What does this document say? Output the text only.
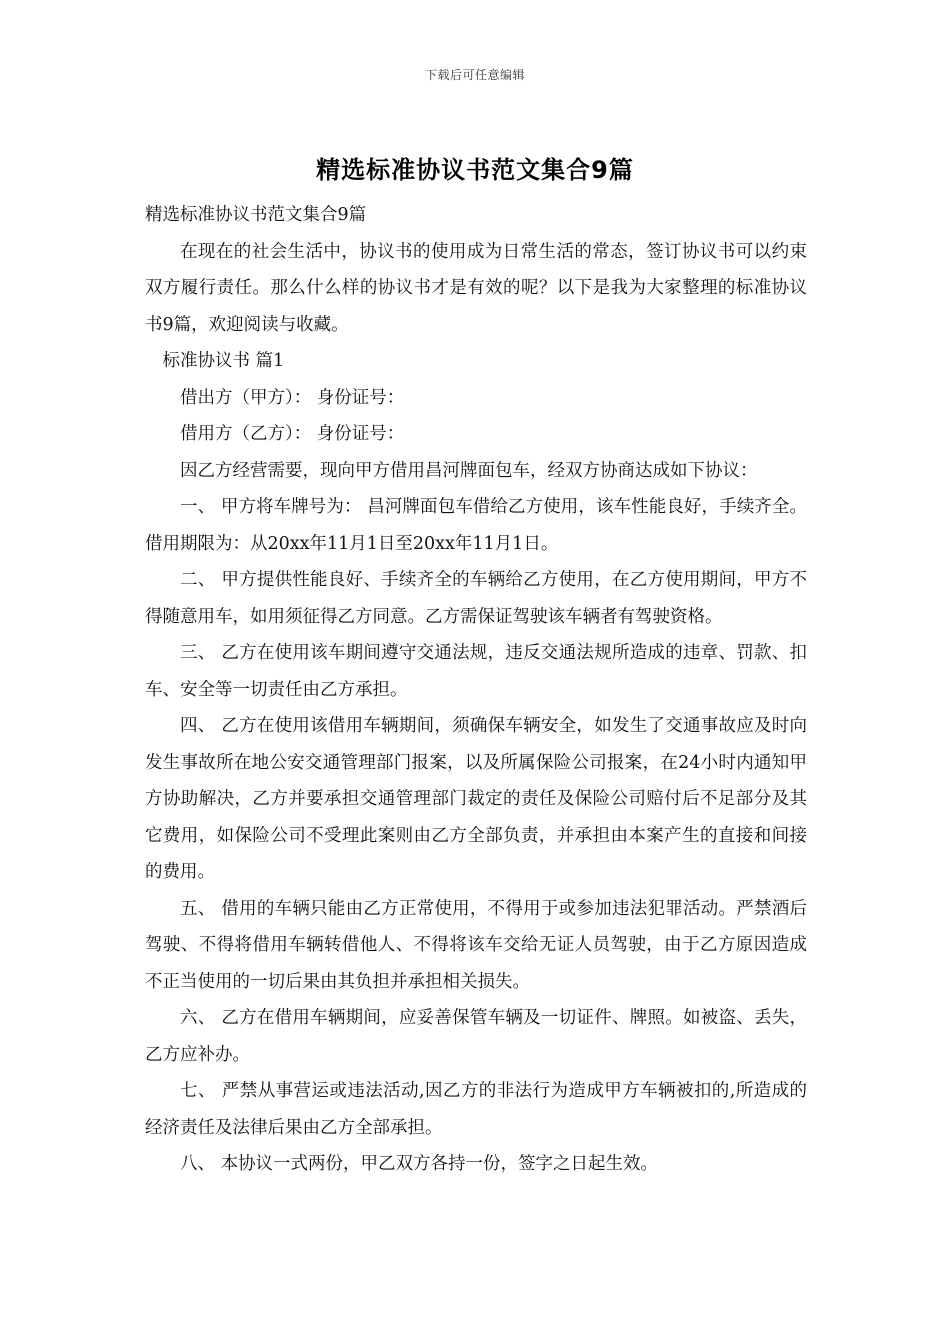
下载后可任意编辑
精选标准协议书范文集合9篇

精选标准协议书范文集合9篇

在现在的社会生活中，协议书的使用成为日常生活的常态，签订协议书可以约束双方履行责任。那么什么样的协议书才是有效的呢？以下是我为大家整理的标准协议书9篇，欢迎阅读与收藏。

标准协议书 篇1

借出方（甲方）： 身份证号：

借用方（乙方）： 身份证号：

因乙方经营需要，现向甲方借用昌河牌面包车，经双方协商达成如下协议：

一、 甲方将车牌号为： 昌河牌面包车借给乙方使用，该车性能良好，手续齐全。借用期限为：从20xx年11月1日至20xx年11月1日。

二、 甲方提供性能良好、手续齐全的车辆给乙方使用，在乙方使用期间，甲方不得随意用车，如用须征得乙方同意。乙方需保证驾驶该车辆者有驾驶资格。

三、 乙方在使用该车期间遵守交通法规，违反交通法规所造成的违章、罚款、扣车、安全等一切责任由乙方承担。

四、 乙方在使用该借用车辆期间，须确保车辆安全，如发生了交通事故应及时向发生事故所在地公安交通管理部门报案，以及所属保险公司报案，在24小时内通知甲方协助解决，乙方并要承担交通管理部门裁定的责任及保险公司赔付后不足部分及其它费用，如保险公司不受理此案则由乙方全部负责，并承担由本案产生的直接和间接的费用。

五、 借用的车辆只能由乙方正常使用，不得用于或参加违法犯罪活动。严禁酒后驾驶、不得将借用车辆转借他人、不得将该车交给无证人员驾驶，由于乙方原因造成不正当使用的一切后果由其负担并承担相关损失。

六、 乙方在借用车辆期间，应妥善保管车辆及一切证件、牌照。如被盗、丢失，乙方应补办。

七、 严禁从事营运或违法活动,因乙方的非法行为造成甲方车辆被扣的,所造成的经济责任及法律后果由乙方全部承担。

八、 本协议一式两份，甲乙双方各持一份，签字之日起生效。
